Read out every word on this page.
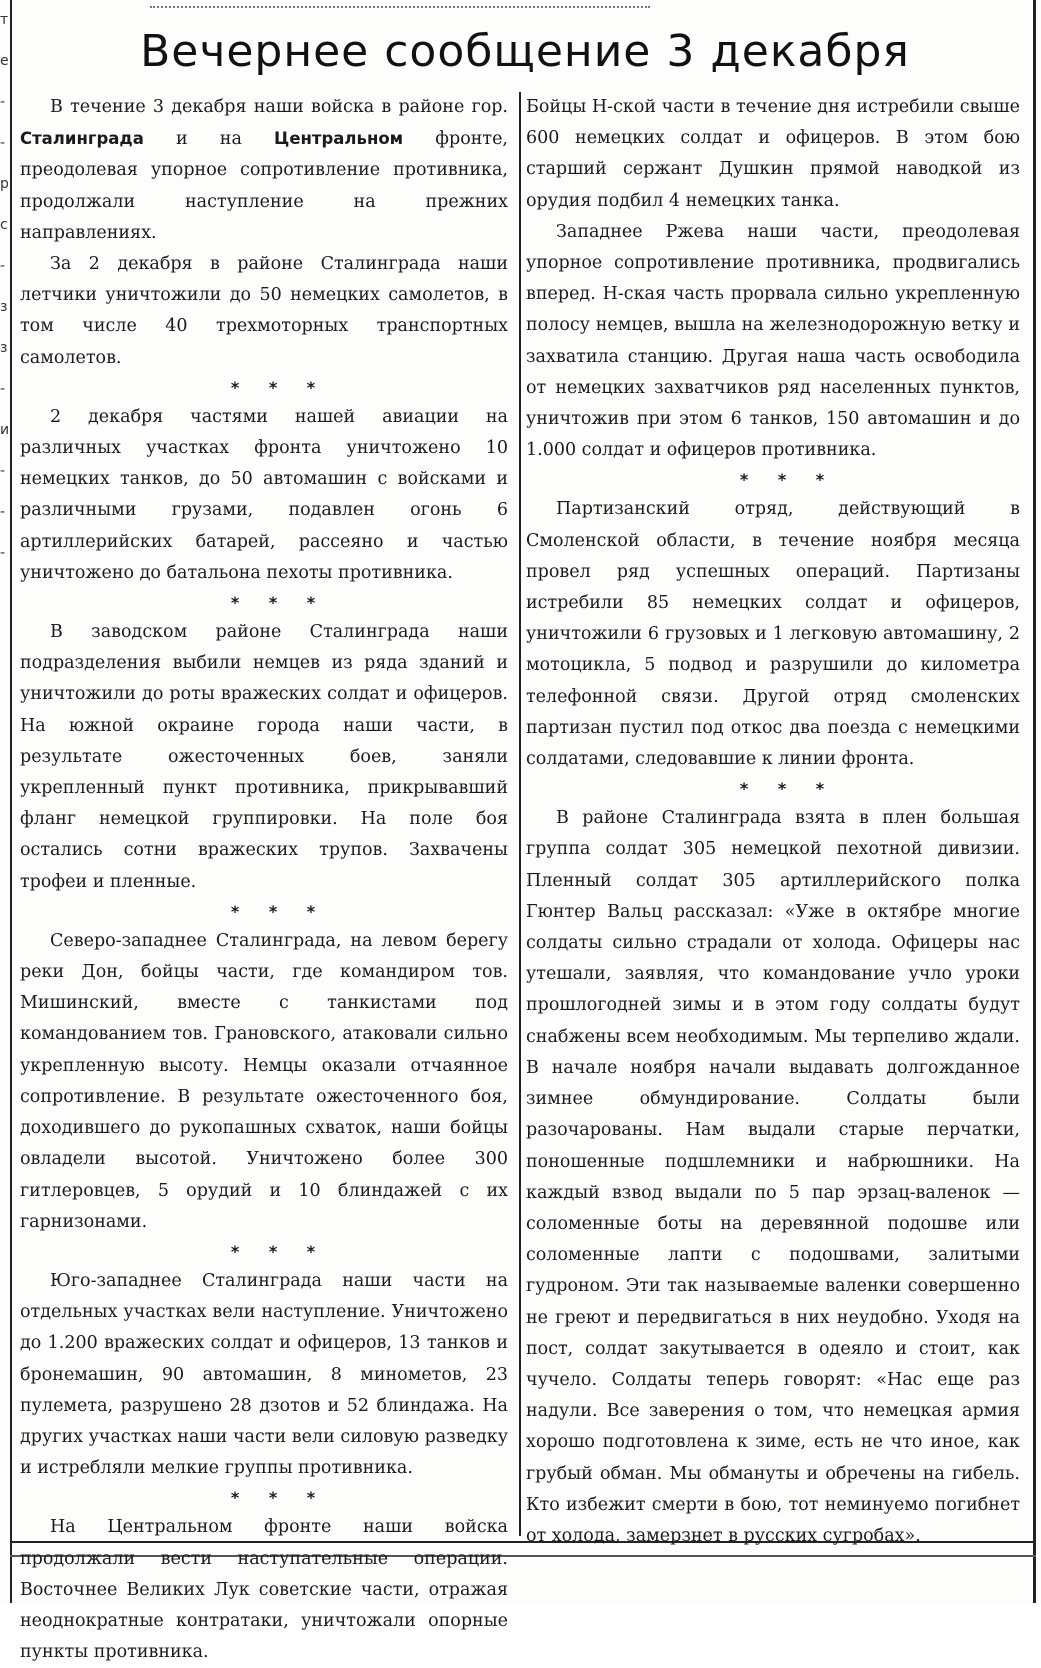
т
е
-
-
р
с
-
з
з
-
и
-
-
-
Вечернее сообщение 3 декабря

В течение 3 декабря наши войска в районе гор. Сталинграда и на Центральном фронте, преодолевая упорное сопротивление противника, продолжали наступление на прежних направлениях.

За 2 декабря в районе Сталинграда наши летчики уничтожили до 50 немецких самолетов, в том числе 40 трехмоторных транспортных самолетов.

* * *

2 декабря частями нашей авиации на различных участках фронта уничтожено 10 немецких танков, до 50 автомашин с войсками и различными грузами, подавлен огонь 6 артиллерийских батарей, рассеяно и частью уничтожено до батальона пехоты противника.

* * *

В заводском районе Сталинграда наши подразделения выбили немцев из ряда зданий и уничтожили до роты вражеских солдат и офицеров. На южной окраине города наши части, в результате ожесточенных боев, заняли укрепленный пункт противника, прикрывавший фланг немецкой группировки. На поле боя остались сотни вражеских трупов. Захвачены трофеи и пленные.

* * *

Северо-западнее Сталинграда, на левом берегу реки Дон, бойцы части, где командиром тов. Мишинский, вместе с танкистами под командованием тов. Грановского, атаковали сильно укрепленную высоту. Немцы оказали отчаянное сопротивление. В результате ожесточенного боя, доходившего до рукопашных схваток, наши бойцы овладели высотой. Уничтожено более 300 гитлеровцев, 5 орудий и 10 блиндажей с их гарнизонами.

* * *

Юго-западнее Сталинграда наши части на отдельных участках вели наступление. Уничтожено до 1.200 вражеских солдат и офицеров, 13 танков и бронемашин, 90 автомашин, 8 минометов, 23 пулемета, разрушено 28 дзотов и 52 блиндажа. На других участках наши части вели силовую разведку и истребляли мелкие группы противника.

* * *

На Центральном фронте наши войска продолжали вести наступательные операции. Восточнее Великих Лук советские части, отражая неоднократные контратаки, уничтожали опорные пункты противника.

Бойцы Н-ской части в течение дня истребили свыше 600 немецких солдат и офицеров. В этом бою старший сержант Душкин прямой наводкой из орудия подбил 4 немецких танка.

Западнее Ржева наши части, преодолевая упорное сопротивление противника, продвигались вперед. Н-ская часть прорвала сильно укрепленную полосу немцев, вышла на железнодорожную ветку и захватила станцию. Другая наша часть освободила от немецких захватчиков ряд населенных пунктов, уничтожив при этом 6 танков, 150 автомашин и до 1.000 солдат и офицеров противника.

* * *

Партизанский отряд, действующий в Смоленской области, в течение ноября месяца провел ряд успешных операций. Партизаны истребили 85 немецких солдат и офицеров, уничтожили 6 грузовых и 1 легковую автомашину, 2 мотоцикла, 5 подвод и разрушили до километра телефонной связи. Другой отряд смоленских партизан пустил под откос два поезда с немецкими солдатами, следовавшие к линии фронта.

* * *

В районе Сталинграда взята в плен большая группа солдат 305 немецкой пехотной дивизии. Пленный солдат 305 артиллерийского полка Гюнтер Вальц рассказал: «Уже в октябре многие солдаты сильно страдали от холода. Офицеры нас утешали, заявляя, что командование учло уроки прошлогодней зимы и в этом году солдаты будут снабжены всем необходимым. Мы терпеливо ждали. В начале ноября начали выдавать долгожданное зимнее обмундирование. Солдаты были разочарованы. Нам выдали старые перчатки, поношенные подшлемники и набрюшники. На каждый взвод выдали по 5 пар эрзац-валенок — соломенные боты на деревянной подошве или соломенные лапти с подошвами, залитыми гудроном. Эти так называемые валенки совершенно не греют и передвигаться в них неудобно. Уходя на пост, солдат закутывается в одеяло и стоит, как чучело. Солдаты теперь говорят: «Нас еще раз надули. Все заверения о том, что немецкая армия хорошо подготовлена к зиме, есть не что иное, как грубый обман. Мы обмануты и обречены на гибель. Кто избежит смерти в бою, тот неминуемо погибнет от холода, замерзнет в русских сугробах».
